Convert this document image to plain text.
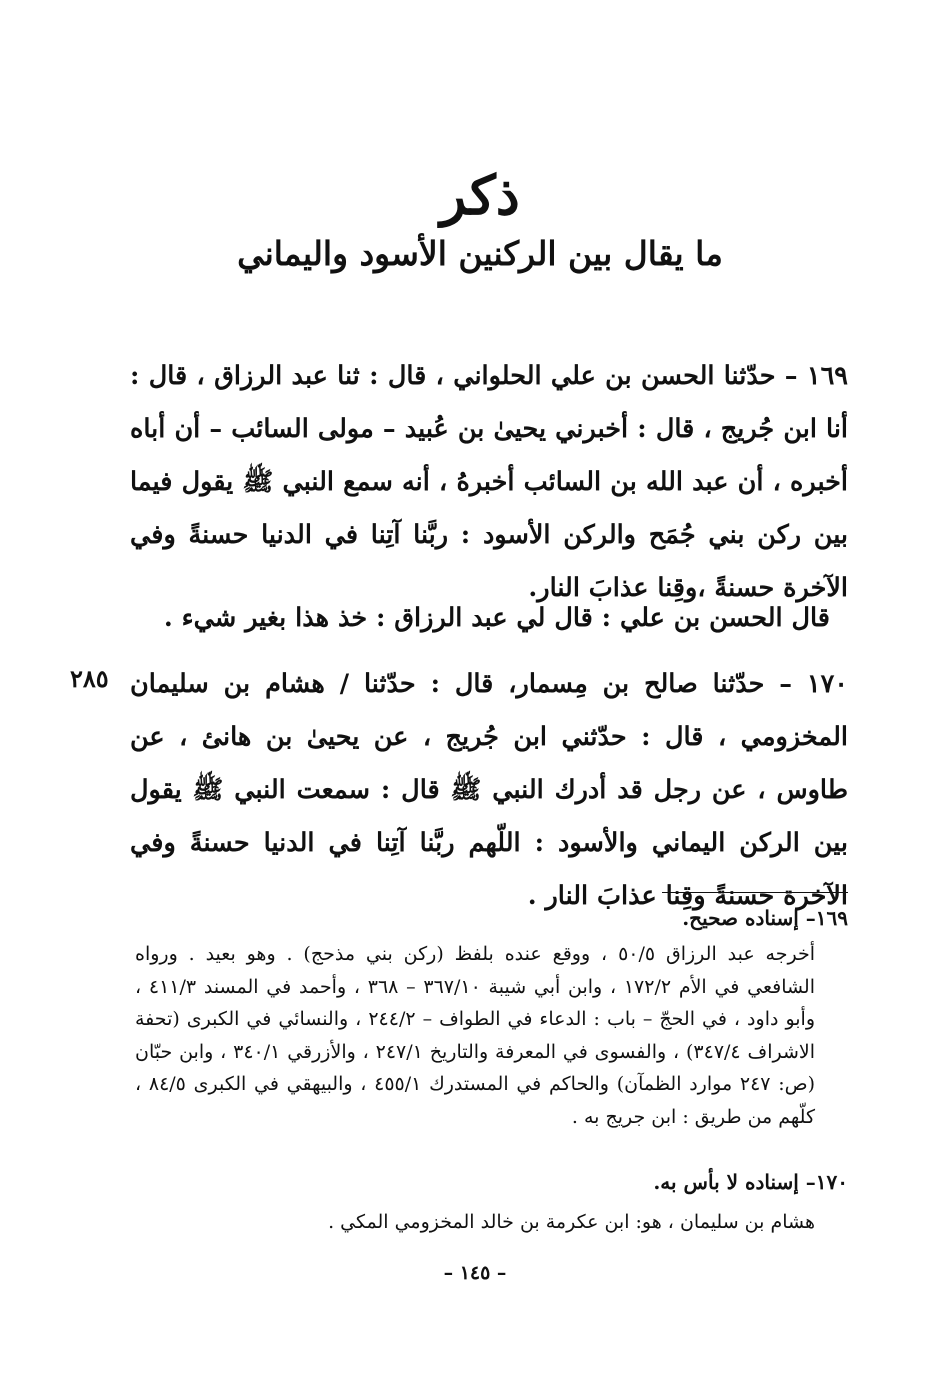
ذكر
ما يقال بين الركنين الأسود واليماني

١٦٩ – حدّثنا الحسن بن علي الحلواني ، قال : ثنا عبد الرزاق ، قال : أنا ابن جُريج ، قال : أخبرني يحيىٰ بن عُبيد – مولى السائب – أن أباه أخبره ، أن عبد الله بن السائب أخبرهُ ، أنه سمع النبي ﷺ يقول فيما بين ركن بني جُمَح والركن الأسود : ربَّنا آتِنا في الدنيا حسنةً وفي الآخرة حسنةً ،وقِنا عذابَ النار.

قال الحسن بن علي : قال لي عبد الرزاق : خذ هذا بغير شيء .

١٧٠ – حدّثنا صالح بن مِسمار، قال : حدّثنا / هشام بن سليمان المخزومي ، قال : حدّثني ابن جُريج ، عن يحيىٰ بن هانئ ، عن طاوس ، عن رجل قد أدرك النبي ﷺ قال : سمعت النبي ﷺ يقول بين الركن اليماني والأسود : اللّهم ربَّنا آتِنا في الدنيا حسنةً وفي الآخرة حسنةً وقِنا عذابَ النار .

٢٨٥

١٦٩– إسناده صحيح.

أخرجه عبد الرزاق ٥٠/٥ ، ووقع عنده بلفظ (ركن بني مذحج) . وهو بعيد . ورواه الشافعي في الأم ١٧٢/٢ ، وابن أبي شيبة ٣٦٧/١٠ – ٣٦٨ ، وأحمد في المسند ٤١١/٣ ، وأبو داود ، في الحجّ – باب : الدعاء في الطواف – ٢٤٤/٢ ، والنسائي في الكبرى (تحفة الاشراف ٣٤٧/٤) ، والفسوى في المعرفة والتاريخ ٢٤٧/١ ، والأزرقي ٣٤٠/١ ، وابن حبّان (ص: ٢٤٧ موارد الظمآن) والحاكم في المستدرك ٤٥٥/١ ، والبيهقي في الكبرى ٨٤/٥ ، كلّهم من طريق : ابن جريج به .

١٧٠– إسناده لا بأس به.

هشام بن سليمان ، هو: ابن عكرمة بن خالد المخزومي المكي .

– ١٤٥ –
